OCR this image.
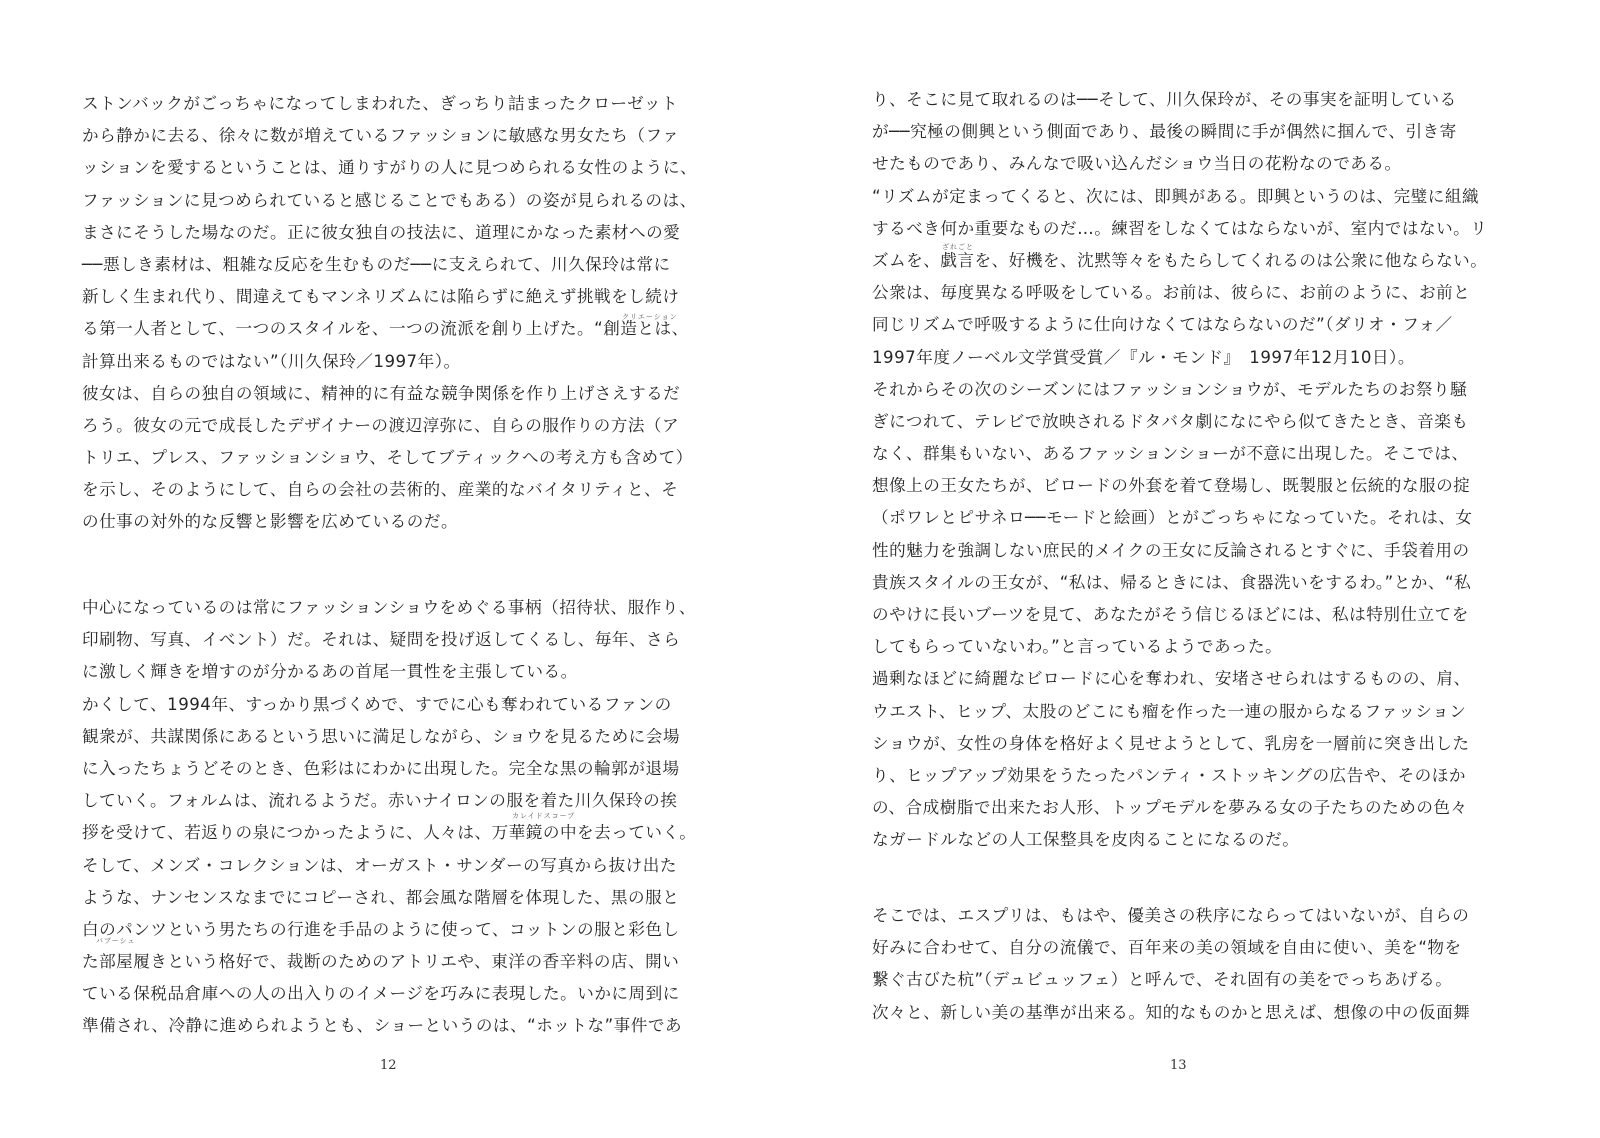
ストンバックがごっちゃになってしまわれた、ぎっちり詰まったクローゼット
から静かに去る、徐々に数が増えているファッションに敏感な男女たち（ファ
ッションを愛するということは、通りすがりの人に見つめられる女性のように、
ファッションに見つめられていると感じることでもある）の姿が見られるのは、
まさにそうした場なのだ。正に彼女独自の技法に、道理にかなった素材への愛
──悪しき素材は、粗雑な反応を生むものだ──に支えられて、川久保玲は常に
新しく生まれ代り、間違えてもマンネリズムには陥らずに絶えず挑戦をし続け
る第一人者として、一つのスタイルを、一つの流派を創り上げた。“創造とは、
計算出来るものではない”（川久保玲／1997年）。
彼女は、自らの独自の領域に、精神的に有益な競争関係を作り上げさえするだ
ろう。彼女の元で成長したデザイナーの渡辺淳弥に、自らの服作りの方法（ア
トリエ、プレス、ファッションショウ、そしてブティックへの考え方も含めて）
を示し、そのようにして、自らの会社の芸術的、産業的なバイタリティと、そ
の仕事の対外的な反響と影響を広めているのだ。
クリエーション
中心になっているのは常にファッションショウをめぐる事柄（招待状、服作り、
印刷物、写真、イベント）だ。それは、疑問を投げ返してくるし、毎年、さら
に激しく輝きを増すのが分かるあの首尾一貫性を主張している。
かくして、1994年、すっかり黒づくめで、すでに心も奪われているファンの
観衆が、共謀関係にあるという思いに満足しながら、ショウを見るために会場
に入ったちょうどそのとき、色彩はにわかに出現した。完全な黒の輪郭が退場
していく。フォルムは、流れるようだ。赤いナイロンの服を着た川久保玲の挨
拶を受けて、若返りの泉につかったように、人々は、万華鏡の中を去っていく。
そして、メンズ・コレクションは、オーガスト・サンダーの写真から抜け出た
ような、ナンセンスなまでにコピーされ、都会風な階層を体現した、黒の服と
白のパンツという男たちの行進を手品のように使って、コットンの服と彩色し
た部屋履きという格好で、裁断のためのアトリエや、東洋の香辛料の店、開い
ている保税品倉庫への人の出入りのイメージを巧みに表現した。いかに周到に
準備され、冷静に進められようとも、ショーというのは、“ホットな”事件であ
カレイドスコープ
バブーシュ
12
り、そこに見て取れるのは──そして、川久保玲が、その事実を証明している
が──究極の側興という側面であり、最後の瞬間に手が偶然に掴んで、引き寄
せたものであり、みんなで吸い込んだショウ当日の花粉なのである。
“リズムが定まってくると、次には、即興がある。即興というのは、完璧に組織
するべき何か重要なものだ…。練習をしなくてはならないが、室内ではない。リ
ズムを、戯言を、好機を、沈黙等々をもたらしてくれるのは公衆に他ならない。
公衆は、毎度異なる呼吸をしている。お前は、彼らに、お前のように、お前と
同じリズムで呼吸するように仕向けなくてはならないのだ”（ダリオ・フォ／
1997年度ノーベル文学賞受賞／『ル・モンド』　1997年12月10日）。
それからその次のシーズンにはファッションショウが、モデルたちのお祭り騒
ぎにつれて、テレビで放映されるドタバタ劇になにやら似てきたとき、音楽も
なく、群集もいない、あるファッションショーが不意に出現した。そこでは、
想像上の王女たちが、ビロードの外套を着て登場し、既製服と伝統的な服の掟
（ポワレとピサネロ──モードと絵画）とがごっちゃになっていた。それは、女
性的魅力を強調しない庶民的メイクの王女に反論されるとすぐに、手袋着用の
貴族スタイルの王女が、“私は、帰るときには、食器洗いをするわ。”とか、“私
のやけに長いブーツを見て、あなたがそう信じるほどには、私は特別仕立てを
してもらっていないわ。”と言っているようであった。
過剰なほどに綺麗なビロードに心を奪われ、安堵させられはするものの、肩、
ウエスト、ヒップ、太股のどこにも瘤を作った一連の服からなるファッション
ショウが、女性の身体を格好よく見せようとして、乳房を一層前に突き出した
り、ヒップアップ効果をうたったパンティ・ストッキングの広告や、そのほか
の、合成樹脂で出来たお人形、トップモデルを夢みる女の子たちのための色々
なガードルなどの人工保整具を皮肉ることになるのだ。
ざれごと
そこでは、エスプリは、もはや、優美さの秩序にならってはいないが、自らの
好みに合わせて、自分の流儀で、百年来の美の領域を自由に使い、美を“物を
繋ぐ古びた杭”（デュビュッフェ）と呼んで、それ固有の美をでっちあげる。
次々と、新しい美の基準が出来る。知的なものかと思えば、想像の中の仮面舞
13
